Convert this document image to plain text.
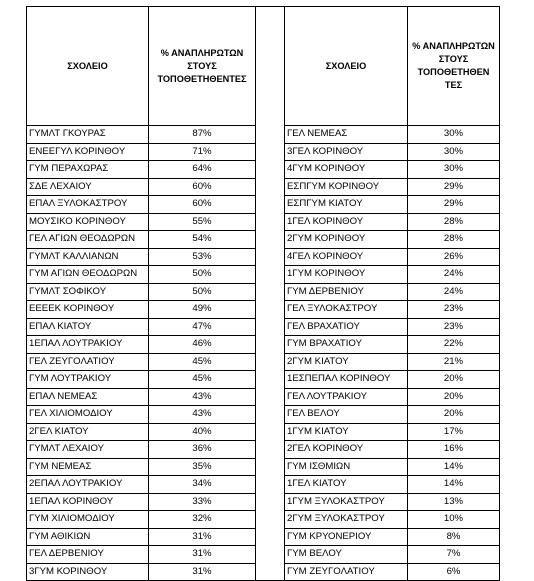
ΣΧΟΛΕΙΟ	% ΑΝΑΠΛΗΡΩΤΩΝ ΣΤΟΥΣ ΤΟΠΟΘΕΤΗΘΕΝΤΕΣ		ΣΧΟΛΕΙΟ	% ΑΝΑΠΛΗΡΩΤΩΝ ΣΤΟΥΣ ΤΟΠΟΘΕΤΗΘΕΝ ΤΕΣ
ΓΥΜΛΤ ΓΚΟΥΡΑΣ	87%		ΓΕΛ ΝΕΜΕΑΣ	30%
ΕΝΕΕΓΥΛ ΚΟΡΙΝΘΟΥ	71%		3ΓΕΛ ΚΟΡΙΝΘΟΥ	30%
ΓΥΜ ΠΕΡΑΧΩΡΑΣ	64%		4ΓΥΜ ΚΟΡΙΝΘΟΥ	30%
ΣΔΕ ΛΕΧΑΙΟΥ	60%		ΕΣΠΓΥΜ ΚΟΡΙΝΘΟΥ	29%
ΕΠΑΛ ΞΥΛΟΚΑΣΤΡΟΥ	60%		ΕΣΠΓΥΜ ΚΙΑΤΟΥ	29%
ΜΟΥΣΙΚΟ ΚΟΡΙΝΘΟΥ	55%		1ΓΕΛ ΚΟΡΙΝΘΟΥ	28%
ΓΕΛ ΑΓΙΩΝ ΘΕΟΔΩΡΩΝ	54%		2ΓΥΜ ΚΟΡΙΝΘΟΥ	28%
ΓΥΜΛΤ ΚΑΛΛΙΑΝΩΝ	53%		4ΓΕΛ ΚΟΡΙΝΘΟΥ	26%
ΓΥΜ ΑΓΙΩΝ ΘΕΟΔΩΡΩΝ	50%		1ΓΥΜ ΚΟΡΙΝΘΟΥ	24%
ΓΥΜΛΤ ΣΟΦΙΚΟΥ	50%		ΓΥΜ ΔΕΡΒΕΝΙΟΥ	24%
ΕΕΕΕΚ ΚΟΡΙΝΘΟΥ	49%		ΓΕΛ ΞΥΛΟΚΑΣΤΡΟΥ	23%
ΕΠΑΛ ΚΙΑΤΟΥ	47%		ΓΕΛ ΒΡΑΧΑΤΙΟΥ	23%
1ΕΠΑΛ ΛΟΥΤΡΑΚΙΟΥ	46%		ΓΥΜ ΒΡΑΧΑΤΙΟΥ	22%
ΓΕΛ ΖΕΥΓΟΛΑΤΙΟΥ	45%		2ΓΥΜ ΚΙΑΤΟΥ	21%
ΓΥΜ ΛΟΥΤΡΑΚΙΟΥ	45%		1ΕΣΠΕΠΑΛ ΚΟΡΙΝΘΟΥ	20%
ΕΠΑΛ ΝΕΜΕΑΣ	43%		ΓΕΛ ΛΟΥΤΡΑΚΙΟΥ	20%
ΓΕΛ ΧΙΛΙΟΜΟΔΙΟΥ	43%		ΓΕΛ ΒΕΛΟΥ	20%
2ΓΕΛ ΚΙΑΤΟΥ	40%		1ΓΥΜ ΚΙΑΤΟΥ	17%
ΓΥΜΛΤ ΛΕΧΑΙΟΥ	36%		2ΓΕΛ ΚΟΡΙΝΘΟΥ	16%
ΓΥΜ ΝΕΜΕΑΣ	35%		ΓΥΜ ΙΣΘΜΙΩΝ	14%
2ΕΠΑΛ ΛΟΥΤΡΑΚΙΟΥ	34%		1ΓΕΛ ΚΙΑΤΟΥ	14%
1ΕΠΑΛ ΚΟΡΙΝΘΟΥ	33%		1ΓΥΜ ΞΥΛΟΚΑΣΤΡΟΥ	13%
ΓΥΜ ΧΙΛΙΟΜΟΔΙΟΥ	32%		2ΓΥΜ ΞΥΛΟΚΑΣΤΡΟΥ	10%
ΓΥΜ ΑΘΙΚΙΩΝ	31%		ΓΥΜ ΚΡΥΟΝΕΡΙΟΥ	8%
ΓΕΛ ΔΕΡΒΕΝΙΟΥ	31%		ΓΥΜ ΒΕΛΟΥ	7%
3ΓΥΜ ΚΟΡΙΝΘΟΥ	31%		ΓΥΜ ΖΕΥΓΟΛΑΤΙΟΥ	6%
